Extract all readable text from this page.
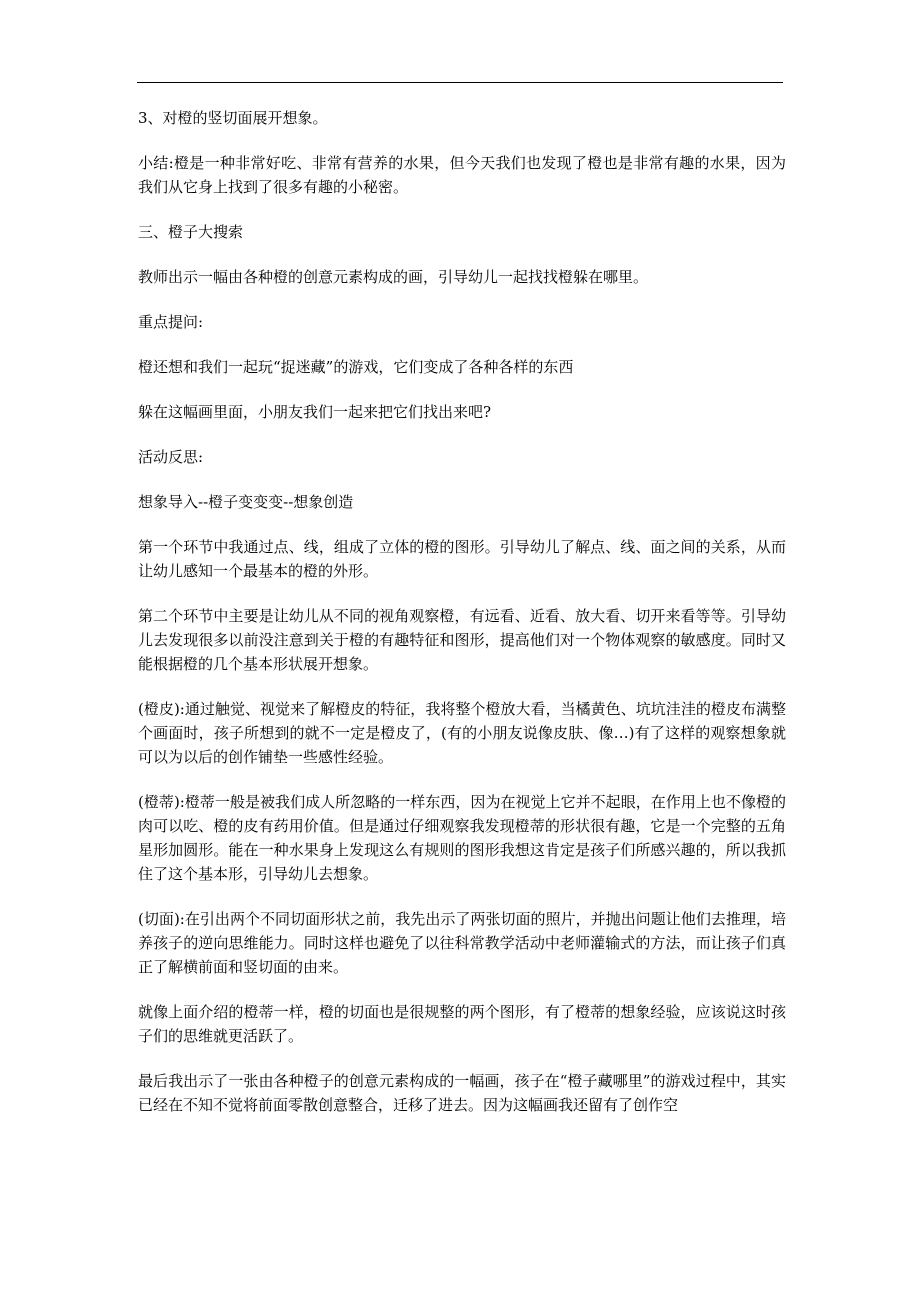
3、对橙的竖切面展开想象。

小结:橙是一种非常好吃、非常有营养的水果，但今天我们也发现了橙也是非常有趣的水果，因为我们从它身上找到了很多有趣的小秘密。

三、橙子大搜索

教师出示一幅由各种橙的创意元素构成的画，引导幼儿一起找找橙躲在哪里。

重点提问:

橙还想和我们一起玩“捉迷藏”的游戏，它们变成了各种各样的东西

躲在这幅画里面，小朋友我们一起来把它们找出来吧?

活动反思:

想象导入--橙子变变变--想象创造

第一个环节中我通过点、线，组成了立体的橙的图形。引导幼儿了解点、线、面之间的关系，从而让幼儿感知一个最基本的橙的外形。

第二个环节中主要是让幼儿从不同的视角观察橙，有远看、近看、放大看、切开来看等等。引导幼儿去发现很多以前没注意到关于橙的有趣特征和图形，提高他们对一个物体观察的敏感度。同时又能根据橙的几个基本形状展开想象。

(橙皮):通过触觉、视觉来了解橙皮的特征，我将整个橙放大看，当橘黄色、坑坑洼洼的橙皮布满整个画面时，孩子所想到的就不一定是橙皮了，(有的小朋友说像皮肤、像…)有了这样的观察想象就可以为以后的创作铺垫一些感性经验。

(橙蒂):橙蒂一般是被我们成人所忽略的一样东西，因为在视觉上它并不起眼，在作用上也不像橙的肉可以吃、橙的皮有药用价值。但是通过仔细观察我发现橙蒂的形状很有趣，它是一个完整的五角星形加圆形。能在一种水果身上发现这么有规则的图形我想这肯定是孩子们所感兴趣的，所以我抓住了这个基本形，引导幼儿去想象。

(切面):在引出两个不同切面形状之前，我先出示了两张切面的照片，并抛出问题让他们去推理，培养孩子的逆向思维能力。同时这样也避免了以往科常教学活动中老师灌输式的方法，而让孩子们真正了解横前面和竖切面的由来。

就像上面介绍的橙蒂一样，橙的切面也是很规整的两个图形，有了橙蒂的想象经验，应该说这时孩子们的思维就更活跃了。

最后我出示了一张由各种橙子的创意元素构成的一幅画，孩子在“橙子藏哪里”的游戏过程中，其实已经在不知不觉将前面零散创意整合，迁移了进去。因为这幅画我还留有了创作空
